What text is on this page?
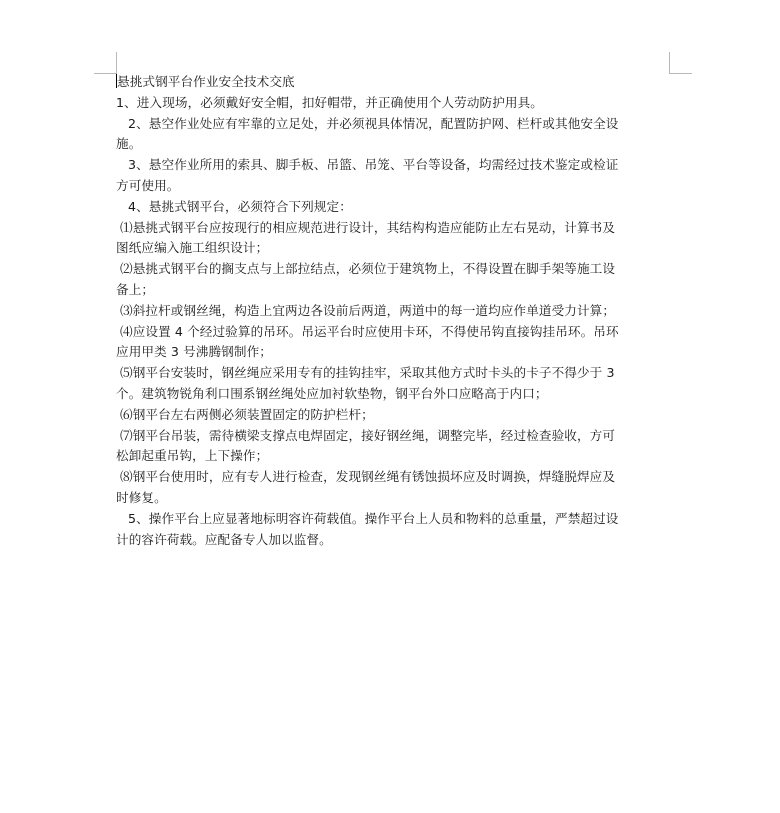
悬挑式钢平台作业安全技术交底
1、进入现场，必须戴好安全帽，扣好帽带，并正确使用个人劳动防护用具。
2、悬空作业处应有牢靠的立足处，并必须视具体情况，配置防护网、栏杆或其他安全设
施。
3、悬空作业所用的索具、脚手板、吊篮、吊笼、平台等设备，均需经过技术鉴定或检证
方可使用。
4、悬挑式钢平台，必须符合下列规定：
⑴悬挑式钢平台应按现行的相应规范进行设计，其结构构造应能防止左右晃动，计算书及
图纸应编入施工组织设计；
⑵悬挑式钢平台的搁支点与上部拉结点，必须位于建筑物上，不得设置在脚手架等施工设
备上；
⑶斜拉杆或钢丝绳，构造上宜两边各设前后两道，两道中的每一道均应作单道受力计算；
⑷应设置 4 个经过验算的吊环。吊运平台时应使用卡环，不得使吊钩直接钩挂吊环。吊环
应用甲类 3 号沸腾钢制作；
⑸钢平台安装时，钢丝绳应采用专有的挂钩挂牢，采取其他方式时卡头的卡子不得少于 3
个。建筑物锐角利口围系钢丝绳处应加衬软垫物，钢平台外口应略高于内口；
⑹钢平台左右两侧必须装置固定的防护栏杆；
⑺钢平台吊装，需待横梁支撑点电焊固定，接好钢丝绳，调整完毕，经过检查验收，方可
松卸起重吊钩，上下操作；
⑻钢平台使用时，应有专人进行检查，发现钢丝绳有锈蚀损坏应及时调换，焊缝脱焊应及
时修复。
5、操作平台上应显著地标明容许荷载值。操作平台上人员和物料的总重量，严禁超过设
计的容许荷载。应配备专人加以监督。
